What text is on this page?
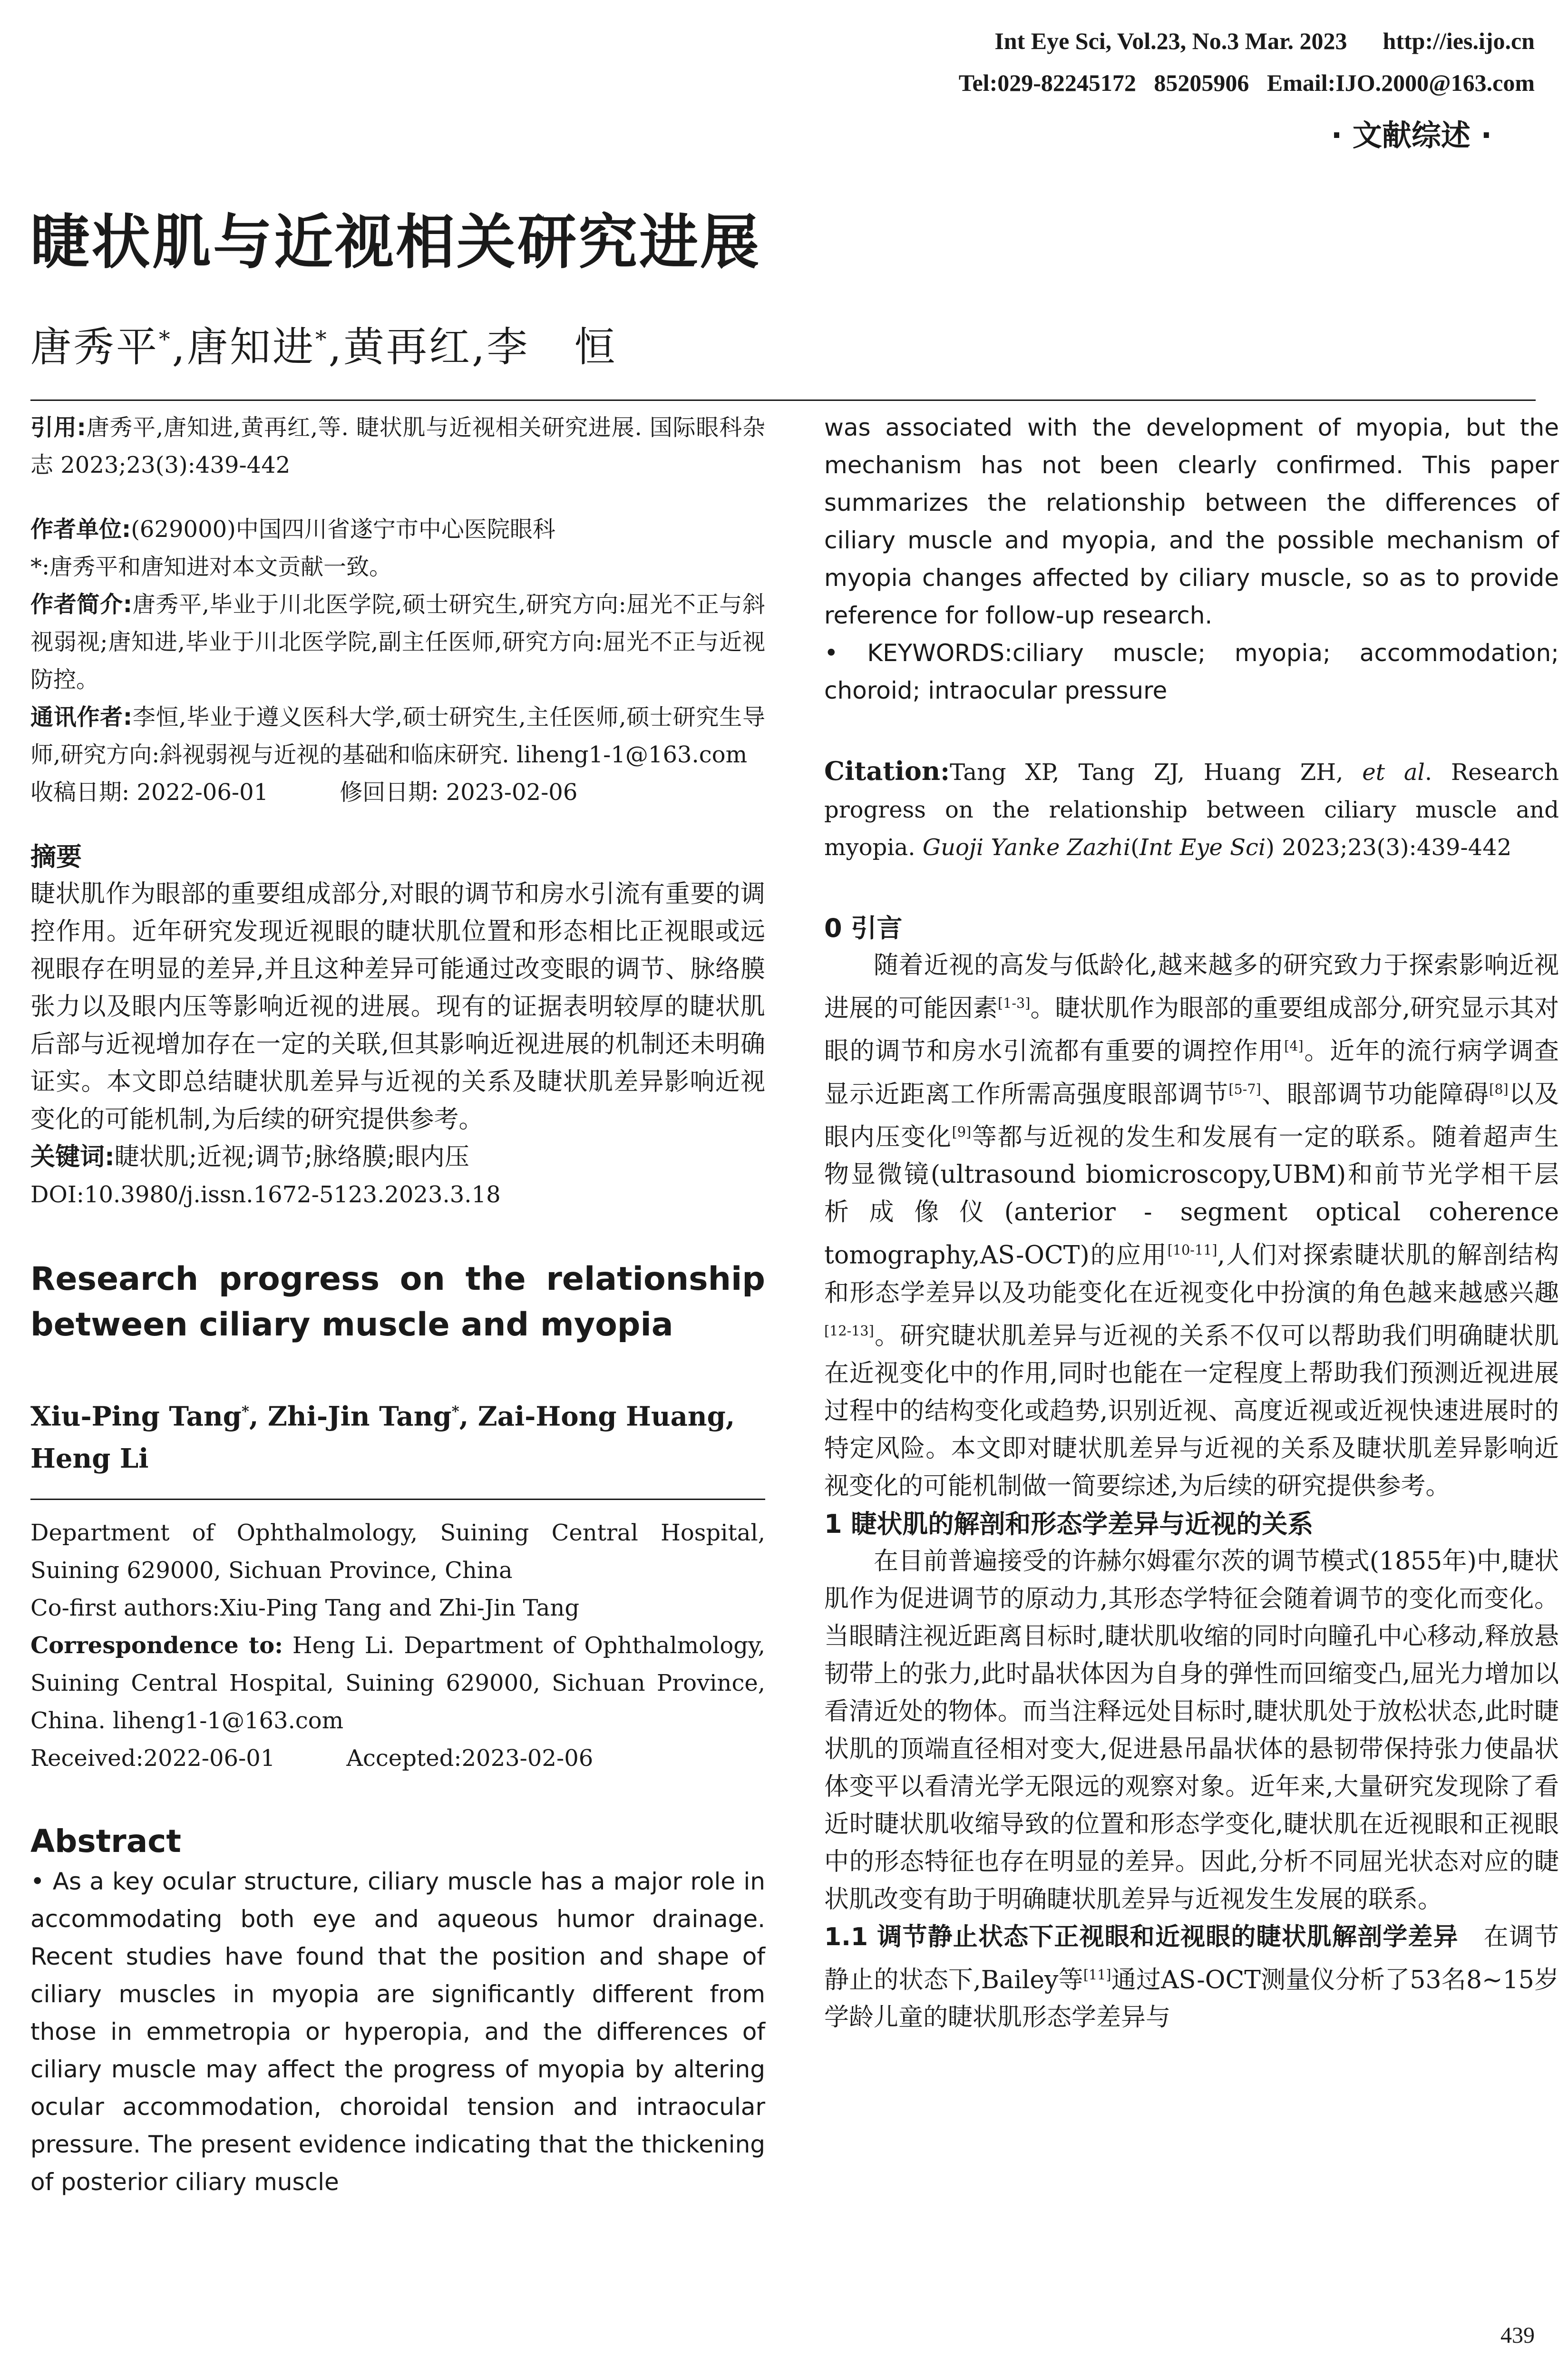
Int Eye Sci, Vol.23, No.3 Mar. 2023      http://ies.ijo.cn
Tel:029-82245172   85205906   Email:IJO.2000@163.com
· 文献综述 ·
睫状肌与近视相关研究进展
唐秀平*,唐知进*,黄再红,李   恒
引用:唐秀平,唐知进,黄再红,等. 睫状肌与近视相关研究进展. 国际眼科杂志 2023;23(3):439-442
作者单位:(629000)中国四川省遂宁市中心医院眼科
*:唐秀平和唐知进对本文贡献一致。
作者简介:唐秀平,毕业于川北医学院,硕士研究生,研究方向:屈光不正与斜视弱视;唐知进,毕业于川北医学院,副主任医师,研究方向:屈光不正与近视防控。
通讯作者:李恒,毕业于遵义医科大学,硕士研究生,主任医师,硕士研究生导师,研究方向:斜视弱视与近视的基础和临床研究. liheng1-1@163.com
收稿日期: 2022-06-01	修回日期: 2023-02-06
摘要
睫状肌作为眼部的重要组成部分,对眼的调节和房水引流有重要的调控作用。近年研究发现近视眼的睫状肌位置和形态相比正视眼或远视眼存在明显的差异,并且这种差异可能通过改变眼的调节、脉络膜张力以及眼内压等影响近视的进展。现有的证据表明较厚的睫状肌后部与近视增加存在一定的关联,但其影响近视进展的机制还未明确证实。本文即总结睫状肌差异与近视的关系及睫状肌差异影响近视变化的可能机制,为后续的研究提供参考。
关键词:睫状肌;近视;调节;脉络膜;眼内压
DOI:10.3980/j.issn.1672-5123.2023.3.18

Research progress on the relationship between ciliary muscle and myopia

Xiu-Ping Tang*, Zhi-Jin Tang*, Zai-Hong Huang,
Heng Li

Department of Ophthalmology, Suining Central Hospital, Suining 629000, Sichuan Province, China
Co-first authors:Xiu-Ping Tang and Zhi-Jin Tang
Correspondence to: Heng Li. Department of Ophthalmology, Suining Central Hospital, Suining 629000, Sichuan Province, China. liheng1-1@163.com
Received:2022-06-01	Accepted:2023-02-06

Abstract

• As a key ocular structure, ciliary muscle has a major role in accommodating both eye and aqueous humor drainage. Recent studies have found that the position and shape of ciliary muscles in myopia are significantly different from those in emmetropia or hyperopia, and the differences of ciliary muscle may affect the progress of myopia by altering ocular accommodation, choroidal tension and intraocular pressure. The present evidence indicating that the thickening of posterior ciliary muscle
was associated with the development of myopia, but the mechanism has not been clearly confirmed. This paper summarizes the relationship between the differences of ciliary muscle and myopia, and the possible mechanism of myopia changes affected by ciliary muscle, so as to provide reference for follow-up research.
• KEYWORDS:ciliary muscle; myopia; accommodation; choroid; intraocular pressure
Citation:Tang XP, Tang ZJ, Huang ZH, et al. Research progress on the relationship between ciliary muscle and myopia. Guoji Yanke Zazhi(Int Eye Sci) 2023;23(3):439-442
0 引言
随着近视的高发与低龄化,越来越多的研究致力于探索影响近视进展的可能因素[1-3]。睫状肌作为眼部的重要组成部分,研究显示其对眼的调节和房水引流都有重要的调控作用[4]。近年的流行病学调查显示近距离工作所需高强度眼部调节[5-7]、眼部调节功能障碍[8]以及眼内压变化[9]等都与近视的发生和发展有一定的联系。随着超声生物显微镜(ultrasound biomicroscopy,UBM)和前节光学相干层析成像仪(anterior - segment optical coherence tomography,AS-OCT)的应用[10-11],人们对探索睫状肌的解剖结构和形态学差异以及功能变化在近视变化中扮演的角色越来越感兴趣[12-13]。研究睫状肌差异与近视的关系不仅可以帮助我们明确睫状肌在近视变化中的作用,同时也能在一定程度上帮助我们预测近视进展过程中的结构变化或趋势,识别近视、高度近视或近视快速进展时的特定风险。本文即对睫状肌差异与近视的关系及睫状肌差异影响近视变化的可能机制做一简要综述,为后续的研究提供参考。
1 睫状肌的解剖和形态学差异与近视的关系
在目前普遍接受的许赫尔姆霍尔茨的调节模式(1855年)中,睫状肌作为促进调节的原动力,其形态学特征会随着调节的变化而变化。当眼睛注视近距离目标时,睫状肌收缩的同时向瞳孔中心移动,释放悬韧带上的张力,此时晶状体因为自身的弹性而回缩变凸,屈光力增加以看清近处的物体。而当注释远处目标时,睫状肌处于放松状态,此时睫状肌的顶端直径相对变大,促进悬吊晶状体的悬韧带保持张力使晶状体变平以看清光学无限远的观察对象。近年来,大量研究发现除了看近时睫状肌收缩导致的位置和形态学变化,睫状肌在近视眼和正视眼中的形态特征也存在明显的差异。因此,分析不同屈光状态对应的睫状肌改变有助于明确睫状肌差异与近视发生发展的联系。
1.1 调节静止状态下正视眼和近视眼的睫状肌解剖学差异 在调节静止的状态下,Bailey等[11]通过AS-OCT测量仪分析了53名8~15岁学龄儿童的睫状肌形态学差异与
439
